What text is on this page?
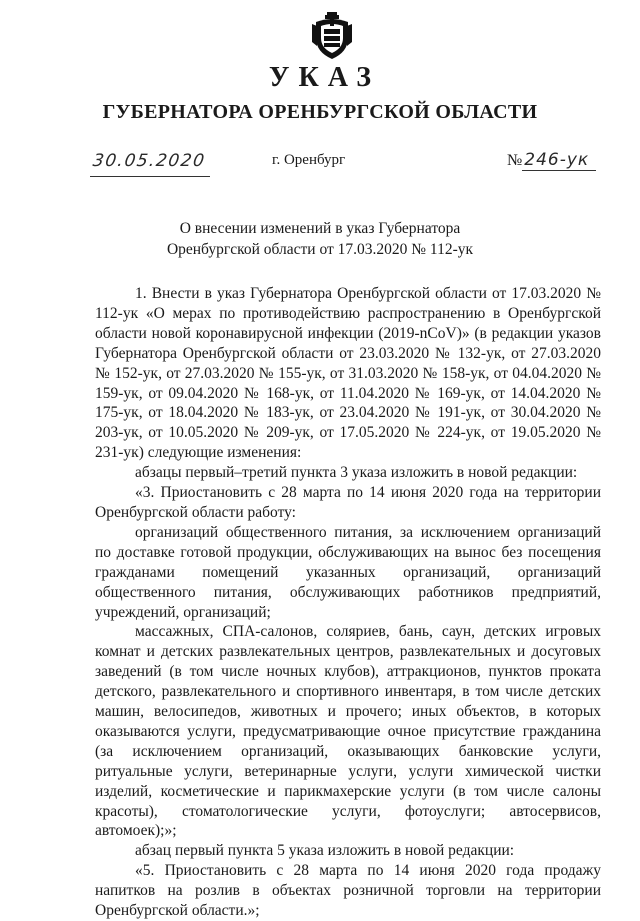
УКАЗ
ГУБЕРНАТОРА ОРЕНБУРГСКОЙ ОБЛАСТИ
30.05.2020	г. Оренбург	№ 246-ук

О внесении изменений в указ Губернатора

Оренбургской области от 17.03.2020 № 112-ук

1. Внести в указ Губернатора Оренбургской области от 17.03.2020 № 112-ук «О мерах по противодействию распространению в Оренбургской области новой коронавирусной инфекции (2019-nCoV)» (в редакции указов Губернатора Оренбургской области от 23.03.2020 № 132-ук, от 27.03.2020 № 152-ук, от 27.03.2020 № 155-ук, от 31.03.2020 № 158-ук, от 04.04.2020 № 159-ук, от 09.04.2020 № 168-ук, от 11.04.2020 № 169-ук, от 14.04.2020 № 175-ук, от 18.04.2020 № 183-ук, от 23.04.2020 № 191-ук, от 30.04.2020 № 203-ук, от 10.05.2020 № 209-ук, от 17.05.2020 № 224-ук, от 19.05.2020 № 231-ук) следующие изменения:

абзацы первый–третий пункта 3 указа изложить в новой редакции:

«3. Приостановить с 28 марта по 14 июня 2020 года на территории Оренбургской области работу:

организаций общественного питания, за исключением организаций по доставке готовой продукции, обслуживающих на вынос без посещения гражданами помещений указанных организаций, организаций общественного питания, обслуживающих работников предприятий, учреждений, организаций;

массажных, СПА-салонов, соляриев, бань, саун, детских игровых комнат и детских развлекательных центров, развлекательных и досуговых заведений (в том числе ночных клубов), аттракционов, пунктов проката детского, развлекательного и спортивного инвентаря, в том числе детских машин, велосипедов, животных и прочего; иных объектов, в которых оказываются услуги, предусматривающие очное присутствие гражданина (за исключением организаций, оказывающих банковские услуги, ритуальные услуги, ветеринарные услуги, услуги химической чистки изделий, косметические и парикмахерские услуги (в том числе салоны красоты), стоматологические услуги, фотоуслуги; автосервисов, автомоек);»;

абзац первый пункта 5 указа изложить в новой редакции:

«5. Приостановить с 28 марта по 14 июня 2020 года продажу напитков на розлив в объектах розничной торговли на территории Оренбургской области.»;
